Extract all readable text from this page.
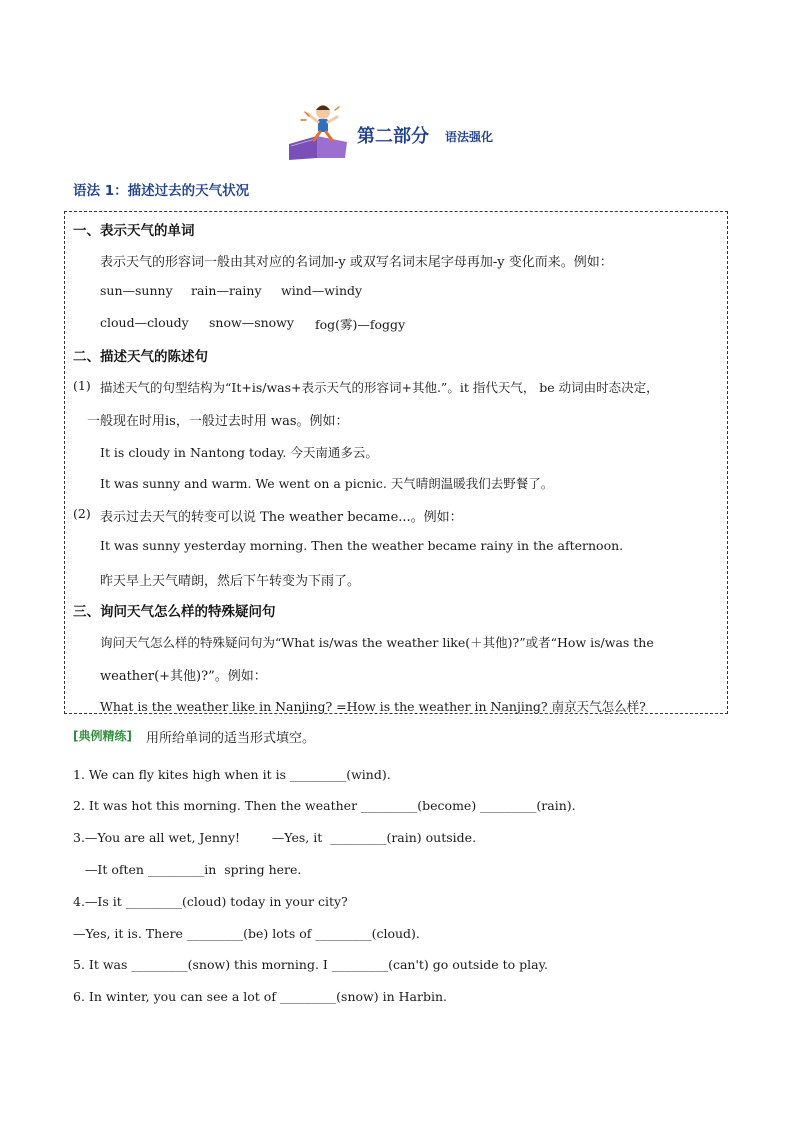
第二部分 语法强化
语法 1：描述过去的天气状况
一、表示天气的单词
表示天气的形容词一般由其对应的名词加-y 或双写名词末尾字母再加-y 变化而来。例如：
sun—sunny rain—rainy wind—windy
cloud—cloudy snow—snowy fog(雾)—foggy
二、描述天气的陈述句
(1) 描述天气的句型结构为“It+is/was+表示天气的形容词+其他.”。it 指代天气， be 动词由时态决定，
一般现在时用is，一般过去时用 was。例如：
It is cloudy in Nantong today. 今天南通多云。
It was sunny and warm. We went on a picnic. 天气晴朗温暖我们去野餐了。
(2) 表示过去天气的转变可以说 The weather became...。例如：
It was sunny yesterday morning. Then the weather became rainy in the afternoon.
昨天早上天气晴朗，然后下午转变为下雨了。
三、询问天气怎么样的特殊疑问句
询问天气怎么样的特殊疑问句为“What is/was the weather like(＋其他)?”或者“How is/was the
weather(+其他)?”。例如：
What is the weather like in Nanjing? =How is the weather in Nanjing? 南京天气怎么样?
[典例精练] 用所给单词的适当形式填空。
1. We can fly kites high when it is _________(wind).
2. It was hot this morning. Then the weather _________(become) _________(rain).
3.—You are all wet, Jenny!        —Yes, it  _________(rain) outside.
—It often _________in  spring here.
4.—Is it _________(cloud) today in your city?
—Yes, it is. There _________(be) lots of _________(cloud).
5. It was _________(snow) this morning. I _________(can't) go outside to play.
6. In winter, you can see a lot of _________(snow) in Harbin.
